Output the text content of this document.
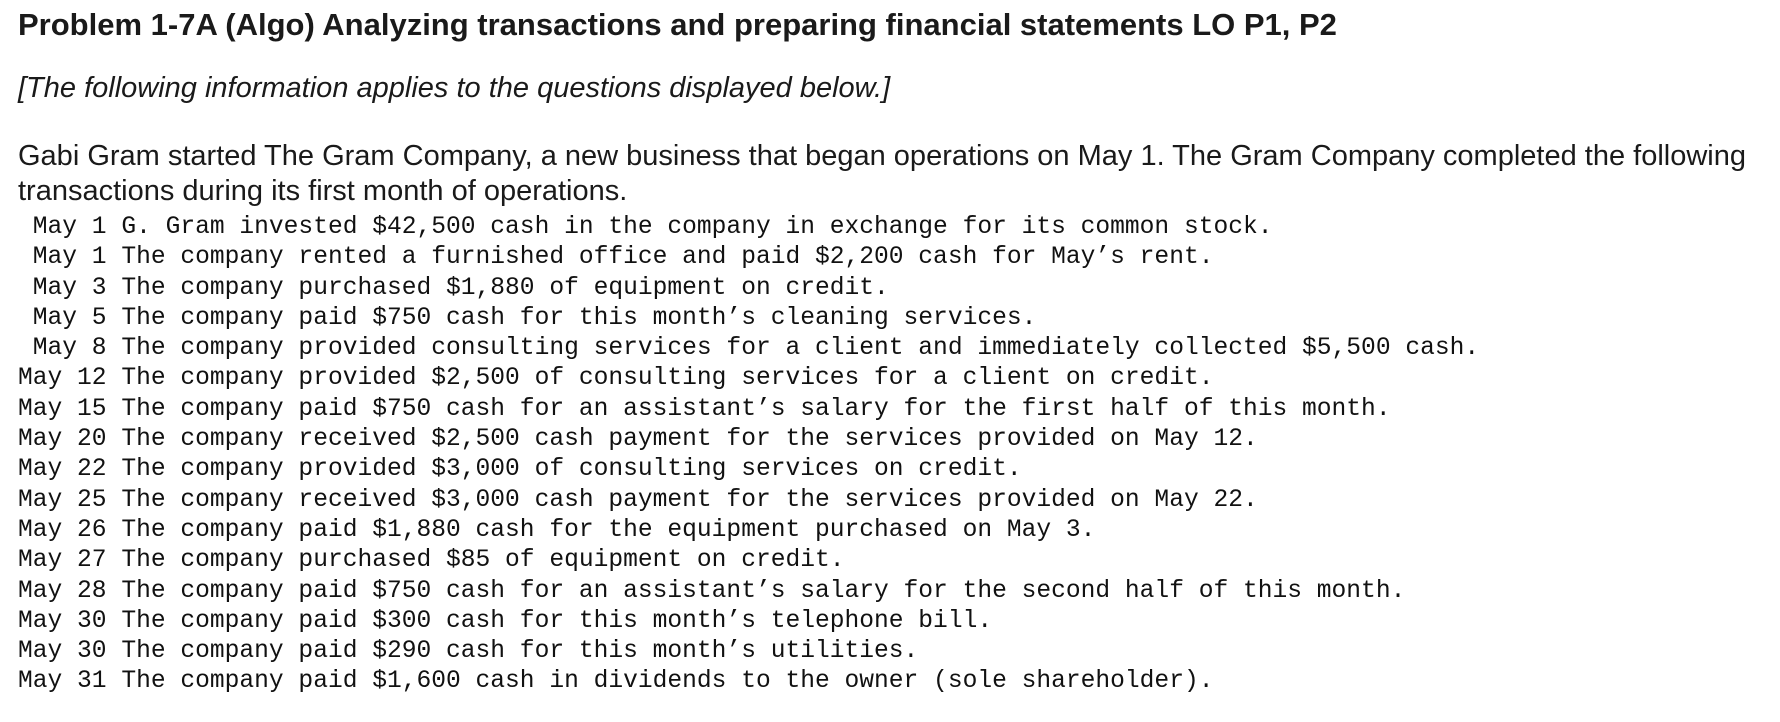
Problem 1-7A (Algo) Analyzing transactions and preparing financial statements LO P1, P2

[The following information applies to the questions displayed below.]

Gabi Gram started The Gram Company, a new business that began operations on May 1. The Gram Company completed the following transactions during its first month of operations.

May 1 G. Gram invested $42,500 cash in the company in exchange for its common stock.
May 1 The company rented a furnished office and paid $2,200 cash for May’s rent.
May 3 The company purchased $1,880 of equipment on credit.
May 5 The company paid $750 cash for this month’s cleaning services.
May 8 The company provided consulting services for a client and immediately collected $5,500 cash.
May 12 The company provided $2,500 of consulting services for a client on credit.
May 15 The company paid $750 cash for an assistant’s salary for the first half of this month.
May 20 The company received $2,500 cash payment for the services provided on May 12.
May 22 The company provided $3,000 of consulting services on credit.
May 25 The company received $3,000 cash payment for the services provided on May 22.
May 26 The company paid $1,880 cash for the equipment purchased on May 3.
May 27 The company purchased $85 of equipment on credit.
May 28 The company paid $750 cash for an assistant’s salary for the second half of this month.
May 30 The company paid $300 cash for this month’s telephone bill.
May 30 The company paid $290 cash for this month’s utilities.
May 31 The company paid $1,600 cash in dividends to the owner (sole shareholder).
